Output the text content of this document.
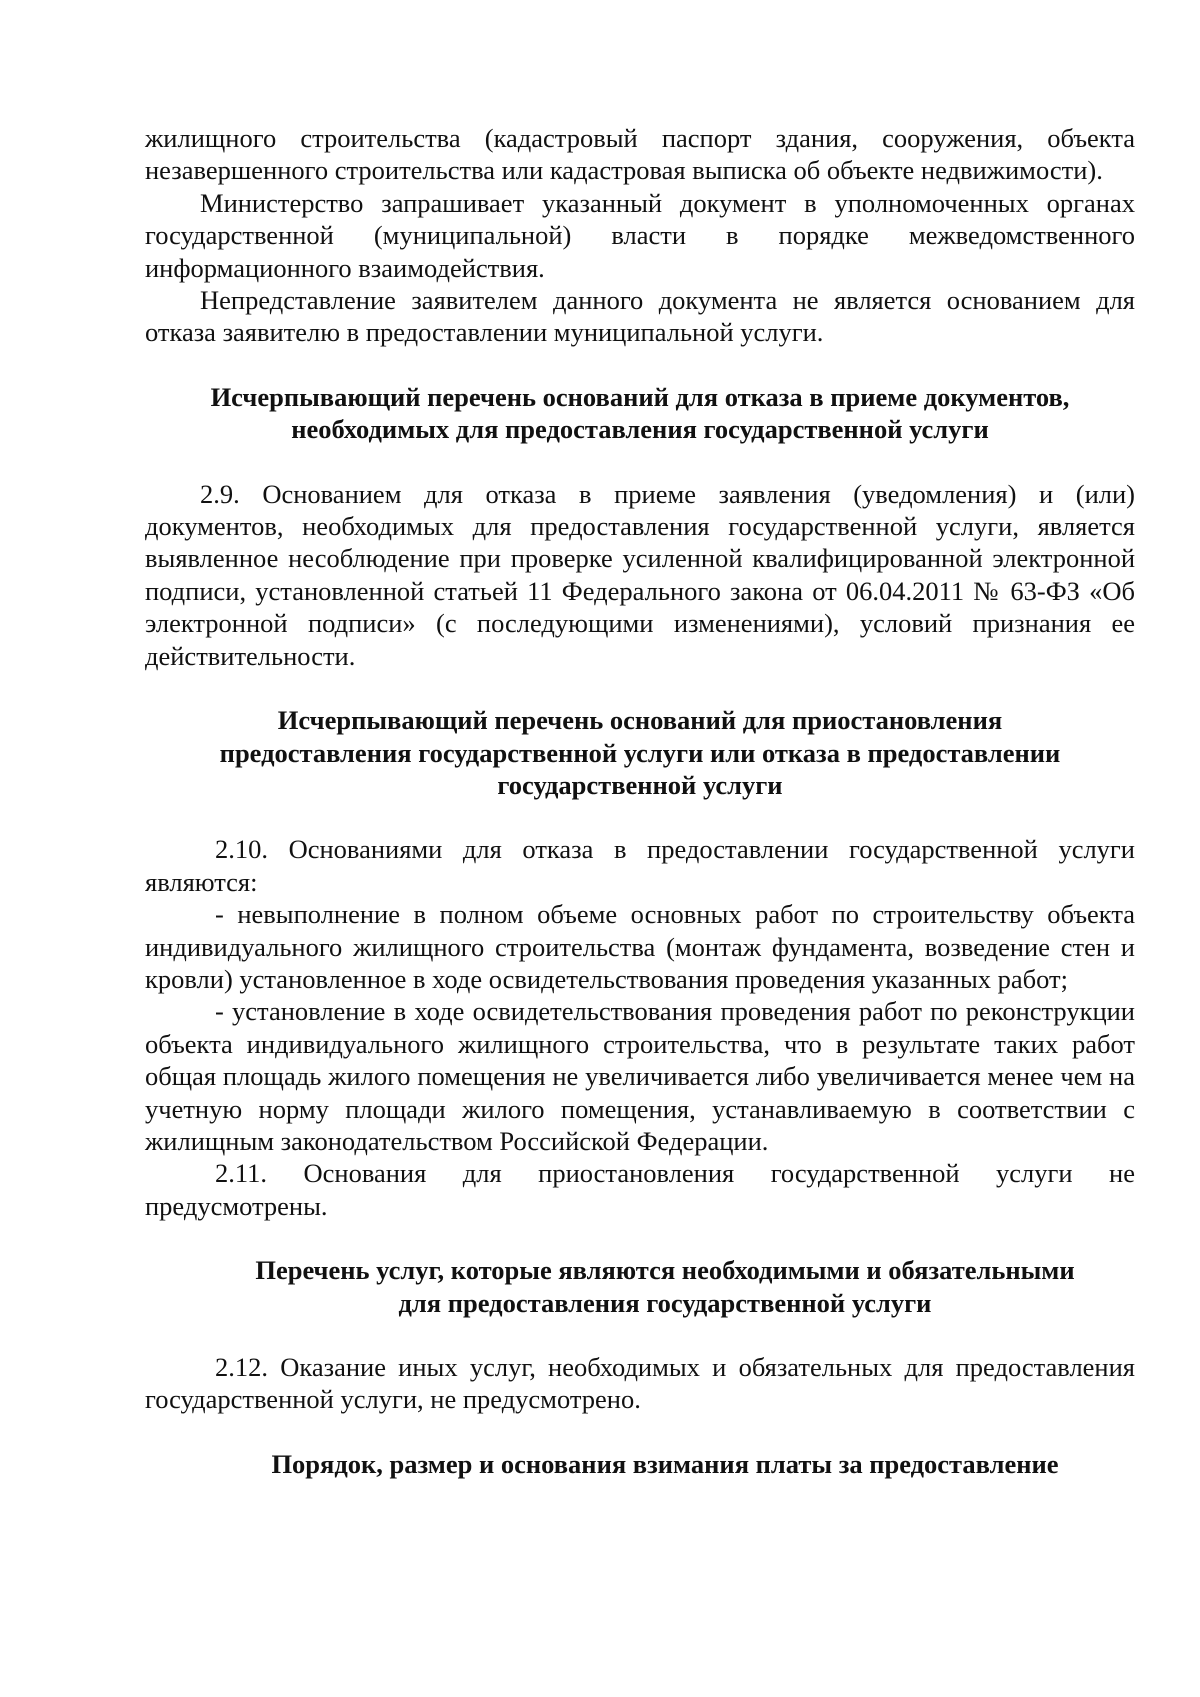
жилищного строительства (кадастровый паспорт здания, сооружения, объекта незавершенного строительства или кадастровая выписка об объекте недвижимости).

Министерство запрашивает указанный документ в уполномоченных органах государственной (муниципальной) власти в порядке межведомственного информационного взаимодействия.

Непредставление заявителем данного документа не является основанием для отказа заявителю в предоставлении муниципальной услуги.

Исчерпывающий перечень оснований для отказа в приеме документов,
необходимых для предоставления государственной услуги

2.9. Основанием для отказа в приеме заявления (уведомления) и (или) документов, необходимых для предоставления государственной услуги, является выявленное несоблюдение при проверке усиленной квалифицированной электронной подписи, установленной статьей 11 Федерального закона от 06.04.2011 № 63-ФЗ «Об электронной подписи» (с последующими изменениями), условий признания ее действительности.

Исчерпывающий перечень оснований для приостановления
предоставления государственной услуги или отказа в предоставлении
государственной услуги

2.10. Основаниями для отказа в предоставлении государственной услуги являются:

- невыполнение в полном объеме основных работ по строительству объекта индивидуального жилищного строительства (монтаж фундамента, возведение стен и кровли) установленное в ходе освидетельствования проведения указанных работ;

- установление в ходе освидетельствования проведения работ по реконструкции объекта индивидуального жилищного строительства, что в результате таких работ общая площадь жилого помещения не увеличивается либо увеличивается менее чем на учетную норму площади жилого помещения, устанавливаемую в соответствии с жилищным законодательством Российской Федерации.

2.11. Основания для приостановления государственной услуги не предусмотрены.

Перечень услуг, которые являются необходимыми и обязательными
для предоставления государственной услуги

2.12. Оказание иных услуг, необходимых и обязательных для предоставления государственной услуги, не предусмотрено.

Порядок, размер и основания взимания платы за предоставление
